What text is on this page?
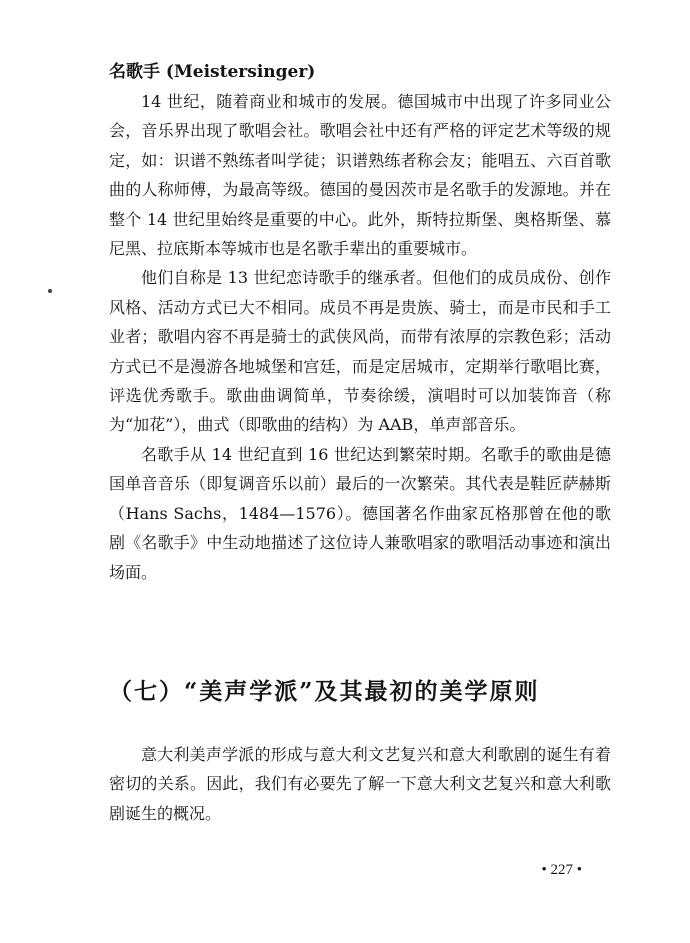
名歌手 (Meistersinger)

14 世纪，随着商业和城市的发展。德国城市中出现了许多同业公会，音乐界出现了歌唱会社。歌唱会社中还有严格的评定艺术等级的规定，如：识谱不熟练者叫学徒；识谱熟练者称会友；能唱五、六百首歌曲的人称师傅，为最高等级。德国的曼因茨市是名歌手的发源地。并在整个 14 世纪里始终是重要的中心。此外，斯特拉斯堡、奥格斯堡、慕尼黑、拉底斯本等城市也是名歌手辈出的重要城市。

他们自称是 13 世纪恋诗歌手的继承者。但他们的成员成份、创作风格、活动方式已大不相同。成员不再是贵族、骑士，而是市民和手工业者；歌唱内容不再是骑士的武侠风尚，而带有浓厚的宗教色彩；活动方式已不是漫游各地城堡和宫廷，而是定居城市，定期举行歌唱比赛，评选优秀歌手。歌曲曲调简单，节奏徐缓，演唱时可以加装饰音（称为“加花”），曲式（即歌曲的结构）为 AAB，单声部音乐。

名歌手从 14 世纪直到 16 世纪达到繁荣时期。名歌手的歌曲是德国单音音乐（即复调音乐以前）最后的一次繁荣。其代表是鞋匠萨赫斯（Hans Sachs，1484—1576）。德国著名作曲家瓦格那曾在他的歌剧《名歌手》中生动地描述了这位诗人兼歌唱家的歌唱活动事迹和演出场面。

（七）“美声学派”及其最初的美学原则

意大利美声学派的形成与意大利文艺复兴和意大利歌剧的诞生有着密切的关系。因此，我们有必要先了解一下意大利文艺复兴和意大利歌剧诞生的概况。

• 227 •
